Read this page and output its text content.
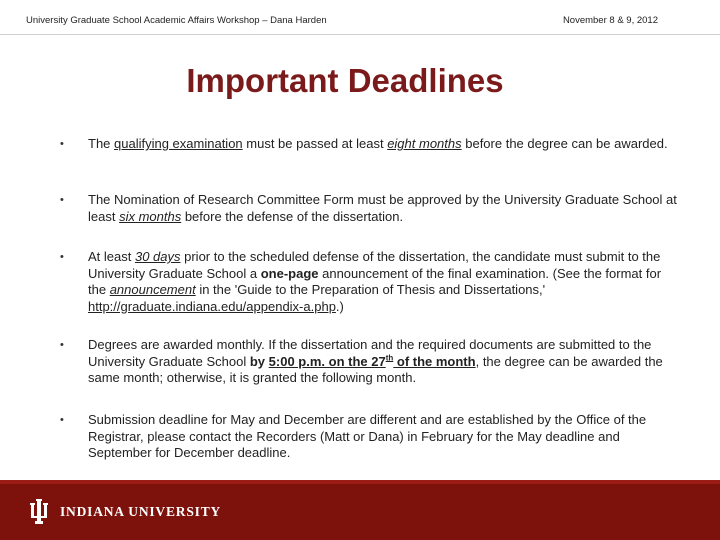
University Graduate School Academic Affairs Workshop – Dana Harden	November 8 & 9, 2012
Important Deadlines
• The qualifying examination must be passed at least eight months before the degree can be awarded.
• The Nomination of Research Committee Form must be approved by the University Graduate School at least six months before the defense of the dissertation.
• At least 30 days prior to the scheduled defense of the dissertation, the candidate must submit to the University Graduate School a one-page announcement of the final examination. (See the format for the announcement in the 'Guide to the Preparation of Thesis and Dissertations,' http://graduate.indiana.edu/appendix-a.php.)
• Degrees are awarded monthly. If the dissertation and the required documents are submitted to the University Graduate School by 5:00 p.m. on the 27th of the month, the degree can be awarded the same month; otherwise, it is granted the following month.
• Submission deadline for May and December are different and are established by the Office of the Registrar, please contact the Recorders (Matt or Dana) in February for the May deadline and September for December deadline.
INDIANA UNIVERSITY
